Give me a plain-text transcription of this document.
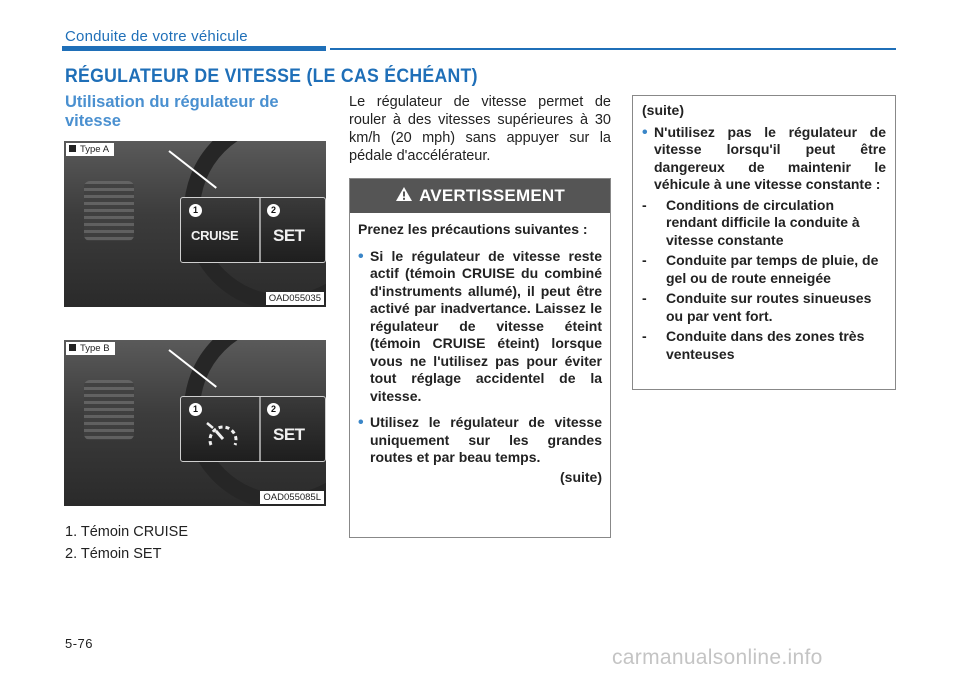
Conduite de votre véhicule
RÉGULATEUR DE VITESSE (LE CAS ÉCHÉANT)
Utilisation du régulateur de vitesse
1	2
CRUISE SET
Type A
OAD055035
1	2
SET
Type B
OAD055085L
1. Témoin CRUISE
2. Témoin SET
Le régulateur de vitesse permet de rouler à des vitesses supérieures à 30 km/h (20 mph) sans appuyer sur la pédale d'accélérateur.
AVERTISSEMENT

Prenez les précautions suivantes :

• Si le régulateur de vitesse reste actif (témoin CRUISE du combiné d'instruments allumé), il peut être activé par inadvertance. Laissez le régulateur de vitesse éteint (témoin CRUISE éteint) lorsque vous ne l'utilisez pas pour éviter tout réglage accidentel de la vitesse.
• Utilisez le régulateur de vitesse uniquement sur les grandes routes et par beau temps.
(suite)
(suite)
• N'utilisez pas le régulateur de vitesse lorsqu'il peut être dangereux de maintenir le véhicule à une vitesse constante :
- Conditions de circulation rendant difficile la conduite à vitesse constante
- Conduite par temps de pluie, de gel ou de route enneigée
- Conduite sur routes sinueuses ou par vent fort.
- Conduite dans des zones très venteuses
5-76
carmanualsonline.info
